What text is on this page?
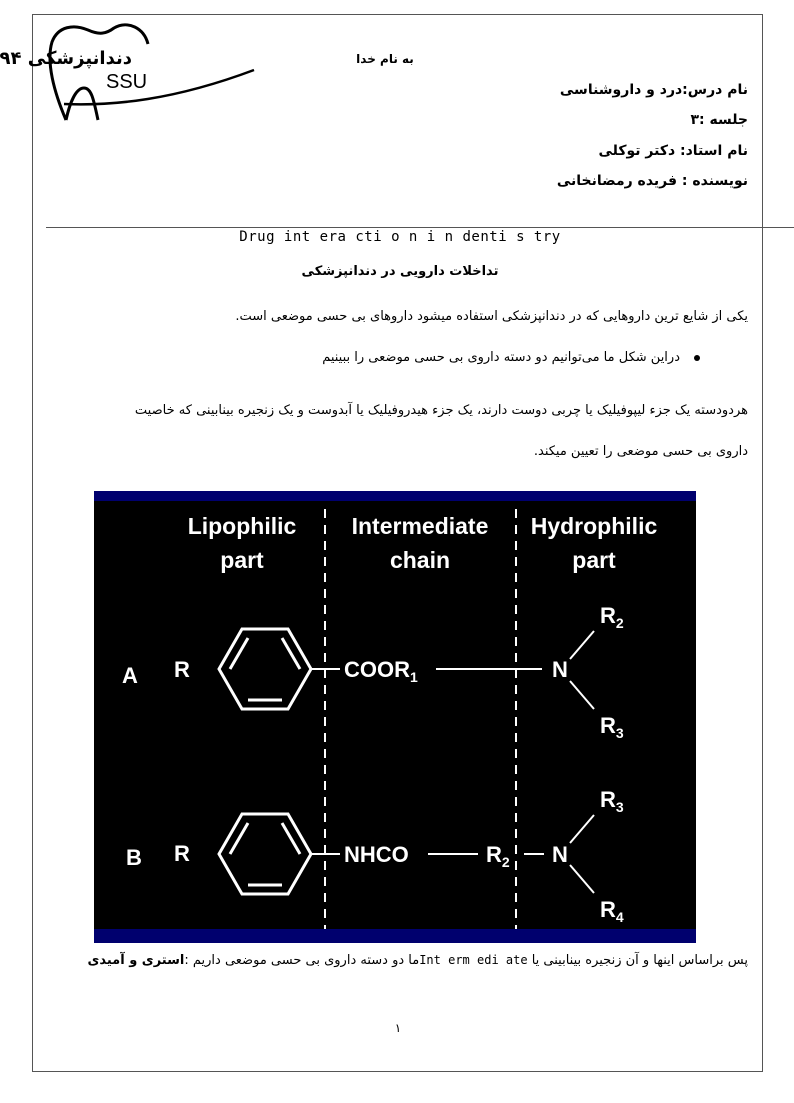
SSU
دندانپزشکی ۹۴	به نام خدا
نام درس:درد و داروشناسی
جلسه :۳
نام استاد: دکتر توکلی
نویسنده : فریده رمضانخانی
Drug int era cti o n i n denti s try
تداخلات دارویی در دندانپزشکی
یکی از شایع ترین داروهایی که در دندانپزشکی استفاده میشود داروهای بی حسی موضعی است.
دراین شکل ما می‌توانیم دو دسته داروی بی حسی موضعی را ببینیم
هردودسته یک جزء لیپوفیلیک یا چربی دوست دارند، یک جزء هیدروفیلیک یا آبدوست و یک زنجیره بینابینی که خاصیت
داروی بی حسی موضعی را تعیین میکند.
Lipophilic
part
Intermediate
chain
Hydrophilic
part
A R	$COOR_1$	N
$R_2$
$R_3$
B R	NHCO	$R_2$ N
$R_3$
$R_4$
پس براساس اینها و آن زنجیره بینابینی یا Int erm edi ateما دو دسته داروی بی حسی موضعی داریم :استری و آمیدی
۱
